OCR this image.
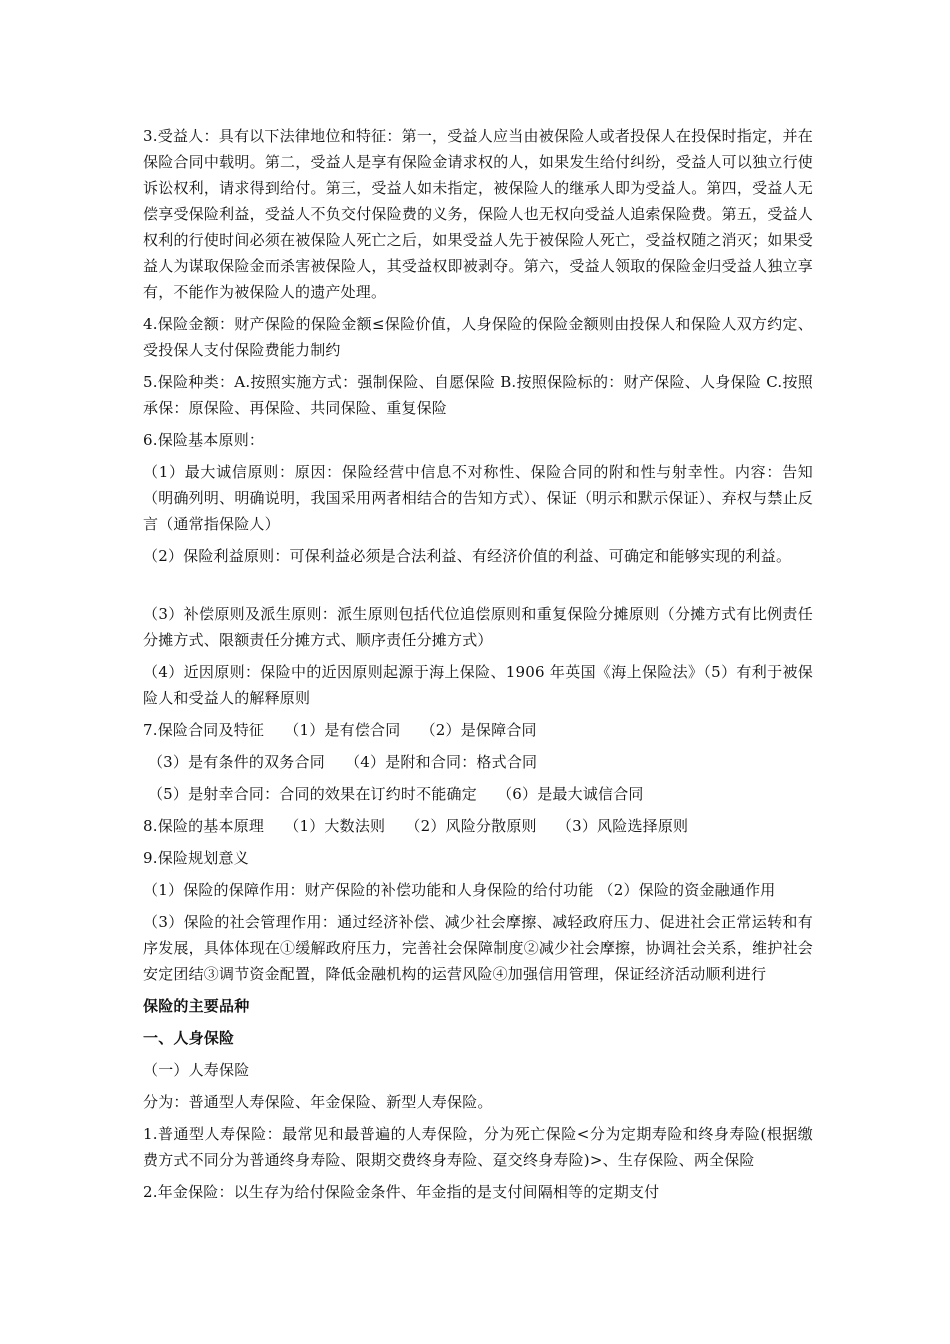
3.受益人：具有以下法律地位和特征：第一，受益人应当由被保险人或者投保人在投保时指定，并在保险合同中载明。第二，受益人是享有保险金请求权的人，如果发生给付纠纷，受益人可以独立行使诉讼权利，请求得到给付。第三，受益人如未指定，被保险人的继承人即为受益人。第四，受益人无偿享受保险利益，受益人不负交付保险费的义务，保险人也无权向受益人追索保险费。第五，受益人权利的行使时间必须在被保险人死亡之后，如果受益人先于被保险人死亡，受益权随之消灭；如果受益人为谋取保险金而杀害被保险人，其受益权即被剥夺。第六，受益人领取的保险金归受益人独立享有，不能作为被保险人的遗产处理。

4.保险金额：财产保险的保险金额≤保险价值，人身保险的保险金额则由投保人和保险人双方约定、受投保人支付保险费能力制约

5.保险种类：A.按照实施方式：强制保险、自愿保险 B.按照保险标的：财产保险、人身保险 C.按照承保：原保险、再保险、共同保险、重复保险

6.保险基本原则：

（1）最大诚信原则：原因：保险经营中信息不对称性、保险合同的附和性与射幸性。内容：告知（明确列明、明确说明，我国采用两者相结合的告知方式）、保证（明示和默示保证）、弃权与禁止反言（通常指保险人）

（2）保险利益原则：可保利益必须是合法利益、有经济价值的利益、可确定和能够实现的利益。

（3）补偿原则及派生原则：派生原则包括代位追偿原则和重复保险分摊原则（分摊方式有比例责任分摊方式、限额责任分摊方式、顺序责任分摊方式）

（4）近因原则：保险中的近因原则起源于海上保险、1906 年英国《海上保险法》（5）有利于被保险人和受益人的解释原则

7.保险合同及特征　 （1）是有偿合同　 （2）是保障合同

（3）是有条件的双务合同　 （4）是附和合同：格式合同

（5）是射幸合同：合同的效果在订约时不能确定　 （6）是最大诚信合同

8.保险的基本原理　 （1）大数法则　 （2）风险分散原则　 （3）风险选择原则

9.保险规划意义

（1）保险的保障作用：财产保险的补偿功能和人身保险的给付功能 （2）保险的资金融通作用

（3）保险的社会管理作用：通过经济补偿、减少社会摩擦、减轻政府压力、促进社会正常运转和有序发展，具体体现在①缓解政府压力，完善社会保障制度②减少社会摩擦，协调社会关系，维护社会安定团结③调节资金配置，降低金融机构的运营风险④加强信用管理，保证经济活动顺利进行

保险的主要品种

一、人身保险

（一）人寿保险

分为：普通型人寿保险、年金保险、新型人寿保险。

1.普通型人寿保险：最常见和最普遍的人寿保险，分为死亡保险<分为定期寿险和终身寿险(根据缴费方式不同分为普通终身寿险、限期交费终身寿险、趸交终身寿险)>、生存保险、两全保险

2.年金保险：以生存为给付保险金条件、年金指的是支付间隔相等的定期支付
